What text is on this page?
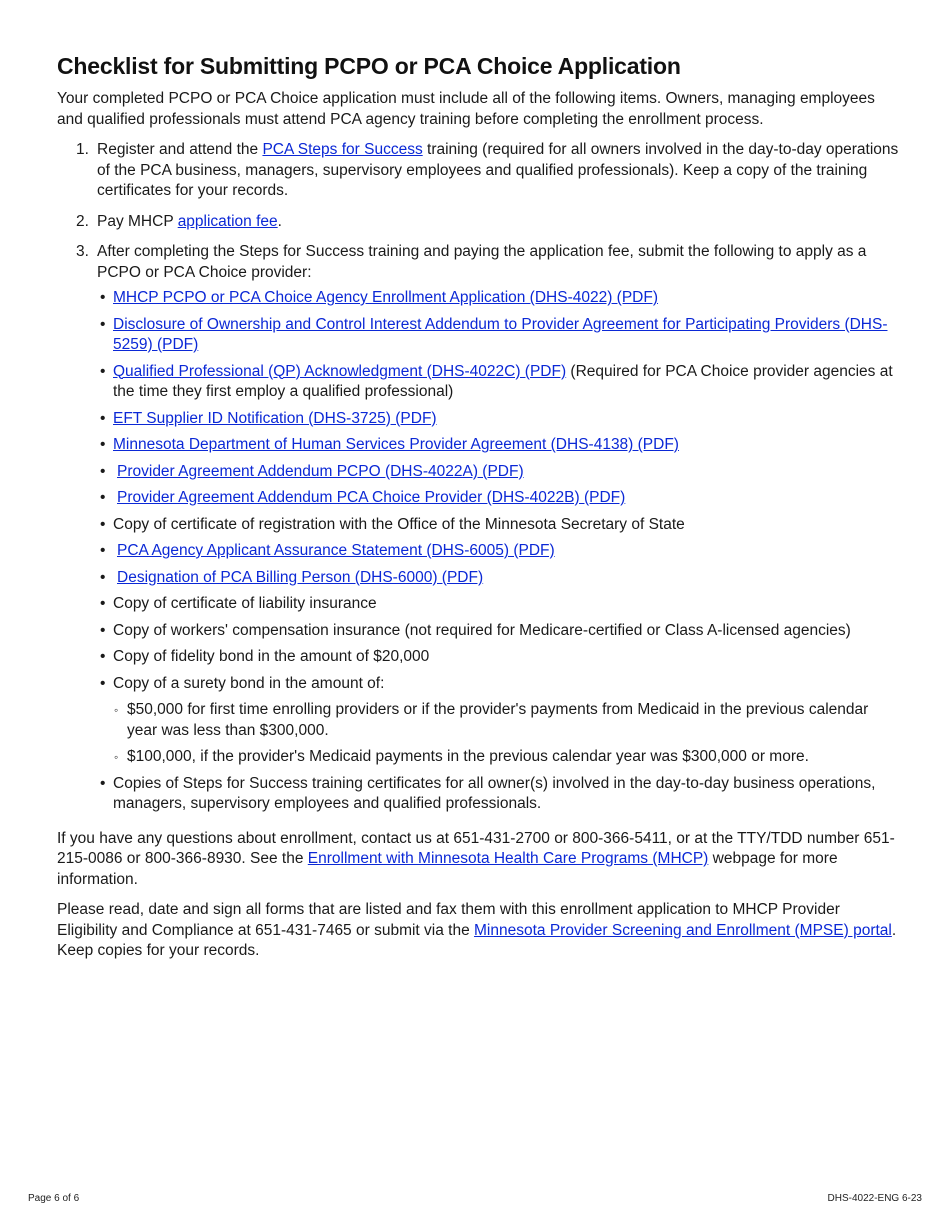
Checklist for Submitting PCPO or PCA Choice Application

Your completed PCPO or PCA Choice application must include all of the following items. Owners, managing employees and qualified professionals must attend PCA agency training before completing the enrollment process.

1. Register and attend the PCA Steps for Success training (required for all owners involved in the day-to-day operations of the PCA business, managers, supervisory employees and qualified professionals). Keep a copy of the training certificates for your records.
2. Pay MHCP application fee.
3. After completing the Steps for Success training and paying the application fee, submit the following to apply as a PCPO or PCA Choice provider:
• MHCP PCPO or PCA Choice Agency Enrollment Application (DHS-4022) (PDF)
• Disclosure of Ownership and Control Interest Addendum to Provider Agreement for Participating Providers (DHS-5259) (PDF)
• Qualified Professional (QP) Acknowledgment (DHS-4022C) (PDF) (Required for PCA Choice provider agencies at the time they first employ a qualified professional)
• EFT Supplier ID Notification (DHS-3725) (PDF)
• Minnesota Department of Human Services Provider Agreement (DHS-4138) (PDF)
• Provider Agreement Addendum PCPO (DHS-4022A) (PDF)
• Provider Agreement Addendum PCA Choice Provider (DHS-4022B) (PDF)
• Copy of certificate of registration with the Office of the Minnesota Secretary of State
• PCA Agency Applicant Assurance Statement (DHS-6005) (PDF)
• Designation of PCA Billing Person (DHS-6000) (PDF)
• Copy of certificate of liability insurance
• Copy of workers' compensation insurance (not required for Medicare-certified or Class A-licensed agencies)
• Copy of fidelity bond in the amount of $20,000
• Copy of a surety bond in the amount of:
◦ $50,000 for first time enrolling providers or if the provider's payments from Medicaid in the previous calendar year was less than $300,000.
◦ $100,000, if the provider's Medicaid payments in the previous calendar year was $300,000 or more.
• Copies of Steps for Success training certificates for all owner(s) involved in the day-to-day business operations, managers, supervisory employees and qualified professionals.

If you have any questions about enrollment, contact us at 651-431-2700 or 800-366-5411, or at the TTY/TDD number 651-215-0086 or 800-366-8930. See the Enrollment with Minnesota Health Care Programs (MHCP) webpage for more information.

Please read, date and sign all forms that are listed and fax them with this enrollment application to MHCP Provider Eligibility and Compliance at 651-431-7465 or submit via the Minnesota Provider Screening and Enrollment (MPSE) portal. Keep copies for your records.

Page 6 of 6	DHS-4022-ENG 6-23
